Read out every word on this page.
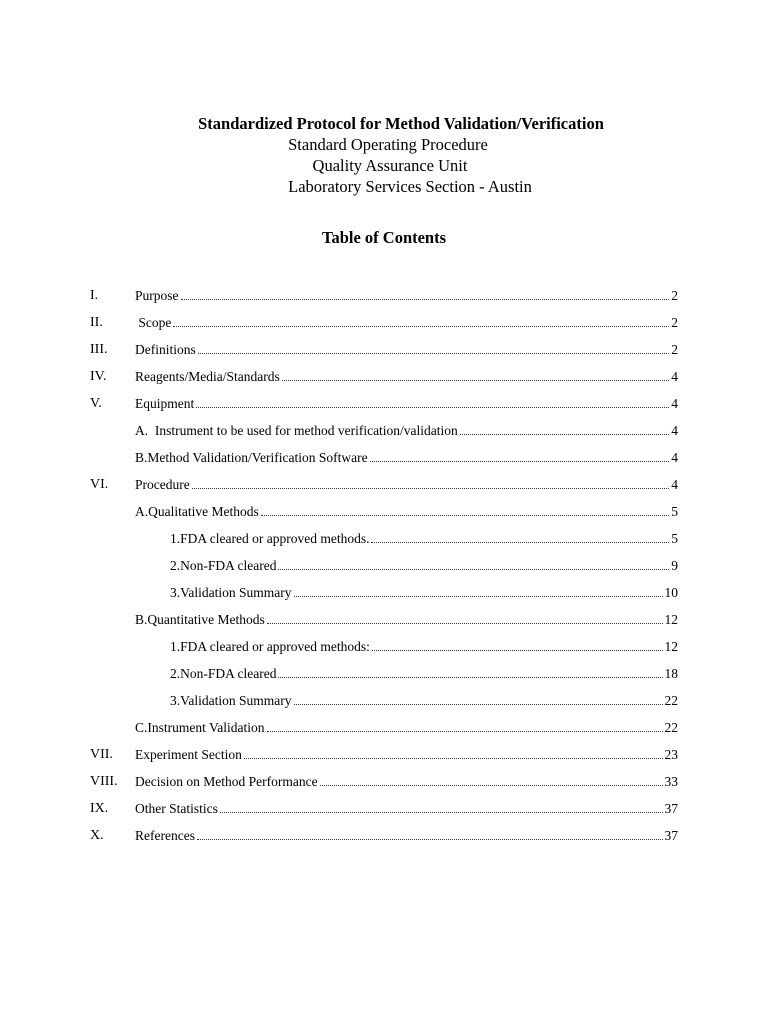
Standardized Protocol for Method Validation/Verification
Standard Operating Procedure
Quality Assurance Unit
Laboratory Services Section - Austin
Table of Contents
I.	Purpose	2
II. Scope	2
III. Definitions	2
IV. Reagents/Media/Standards	4
V. Equipment	4
A.  Instrument to be used for method verification/validation	4
B.Method Validation/Verification Software	4
VI. Procedure	4
A.Qualitative Methods	5
1.FDA cleared or approved methods.	5
2.Non-FDA cleared	9
3.Validation Summary	10
B.Quantitative Methods	12
1.FDA cleared or approved methods:	12
2.Non-FDA cleared	18
3.Validation Summary	22
C.Instrument Validation	22
VII. Experiment Section	23
VIII. Decision on Method Performance	33
IX. Other Statistics	37
X. References	37
